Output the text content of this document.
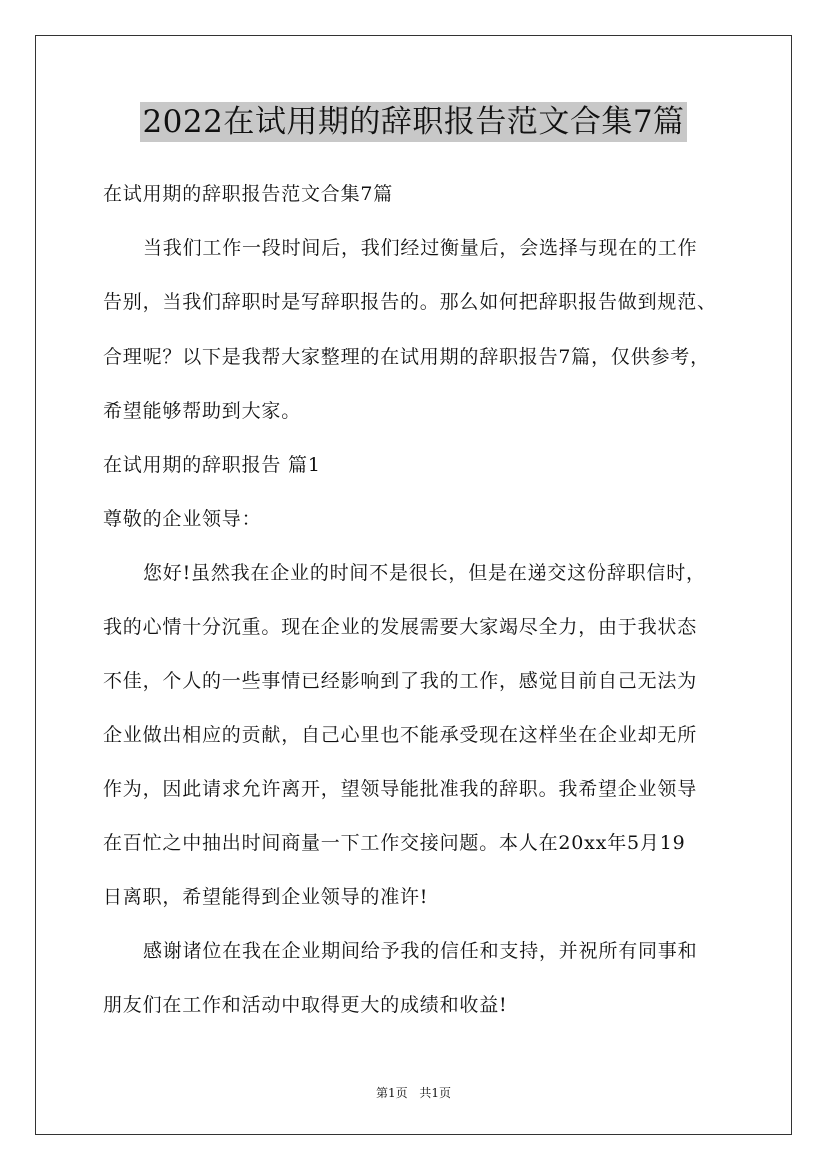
2022在试用期的辞职报告范文合集7篇
在试用期的辞职报告范文合集7篇
当我们工作一段时间后，我们经过衡量后，会选择与现在的工作
告别，当我们辞职时是写辞职报告的。那么如何把辞职报告做到规范、
合理呢？以下是我帮大家整理的在试用期的辞职报告7篇，仅供参考，
希望能够帮助到大家。
在试用期的辞职报告 篇1
尊敬的企业领导：
您好!虽然我在企业的时间不是很长，但是在递交这份辞职信时，
我的心情十分沉重。现在企业的发展需要大家竭尽全力，由于我状态
不佳，个人的一些事情已经影响到了我的工作，感觉目前自己无法为
企业做出相应的贡献，自己心里也不能承受现在这样坐在企业却无所
作为，因此请求允许离开，望领导能批准我的辞职。我希望企业领导
在百忙之中抽出时间商量一下工作交接问题。本人在20xx年5月19
日离职，希望能得到企业领导的准许!
感谢诸位在我在企业期间给予我的信任和支持，并祝所有同事和
朋友们在工作和活动中取得更大的成绩和收益!
第1页 共1页
